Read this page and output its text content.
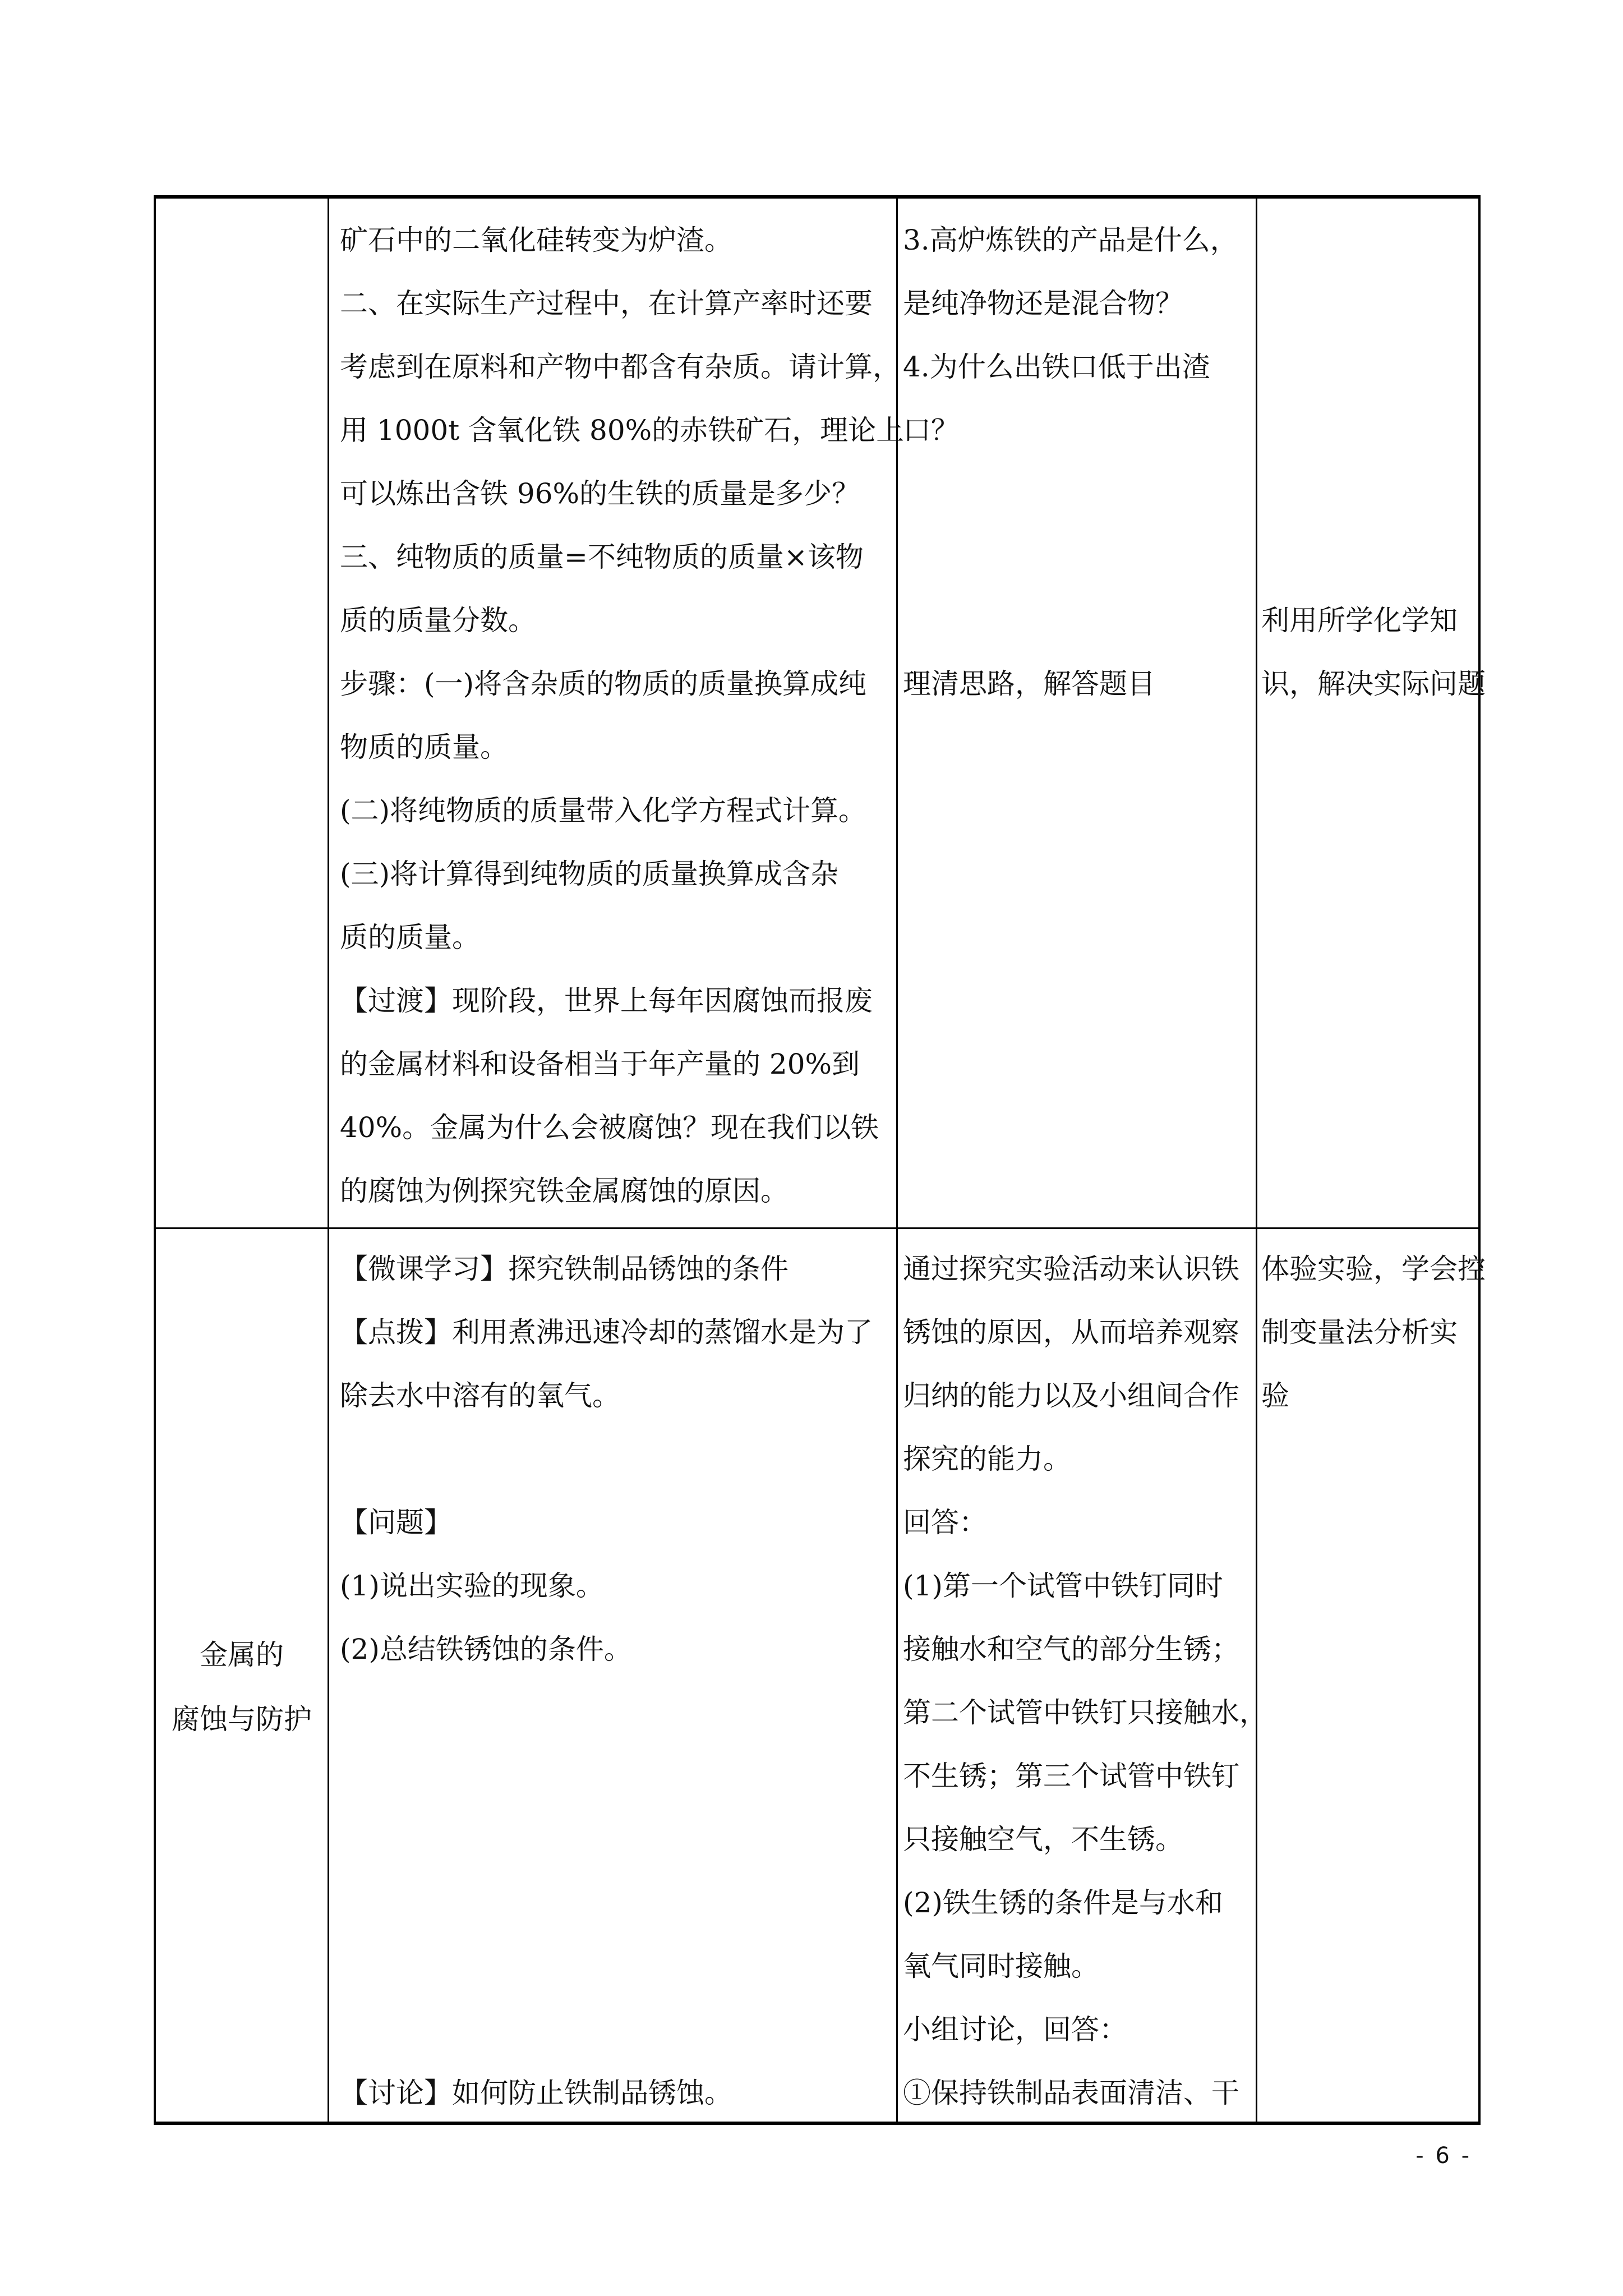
矿石中的二氧化硅转变为炉渣。

二、在实际生产过程中，在计算产率时还要

考虑到在原料和产物中都含有杂质。请计算，

用 1000t 含氧化铁 80%的赤铁矿石，理论上

可以炼出含铁 96%的生铁的质量是多少？

三、纯物质的质量=不纯物质的质量×该物

质的质量分数。

步骤：(一)将含杂质的物质的质量换算成纯

物质的质量。

(二)将纯物质的质量带入化学方程式计算。

(三)将计算得到纯物质的质量换算成含杂

质的质量。

【过渡】现阶段，世界上每年因腐蚀而报废

的金属材料和设备相当于年产量的 20%到

40%。金属为什么会被腐蚀？现在我们以铁

的腐蚀为例探究铁金属腐蚀的原因。

3.高炉炼铁的产品是什么，

是纯净物还是混合物？

4.为什么出铁口低于出渣

口？

理清思路，解答题目

利用所学化学知

识，解决实际问题

金属的

腐蚀与防护

【微课学习】探究铁制品锈蚀的条件

【点拨】利用煮沸迅速冷却的蒸馏水是为了

除去水中溶有的氧气。

【问题】

(1)说出实验的现象。

(2)总结铁锈蚀的条件。

【讨论】如何防止铁制品锈蚀。

通过探究实验活动来认识铁

锈蚀的原因，从而培养观察

归纳的能力以及小组间合作

探究的能力。

回答：

(1)第一个试管中铁钉同时

接触水和空气的部分生锈；

第二个试管中铁钉只接触水，

不生锈；第三个试管中铁钉

只接触空气，不生锈。

(2)铁生锈的条件是与水和

氧气同时接触。

小组讨论，回答：

①保持铁制品表面清洁、干

体验实验，学会控

制变量法分析实

验

- 6 -
